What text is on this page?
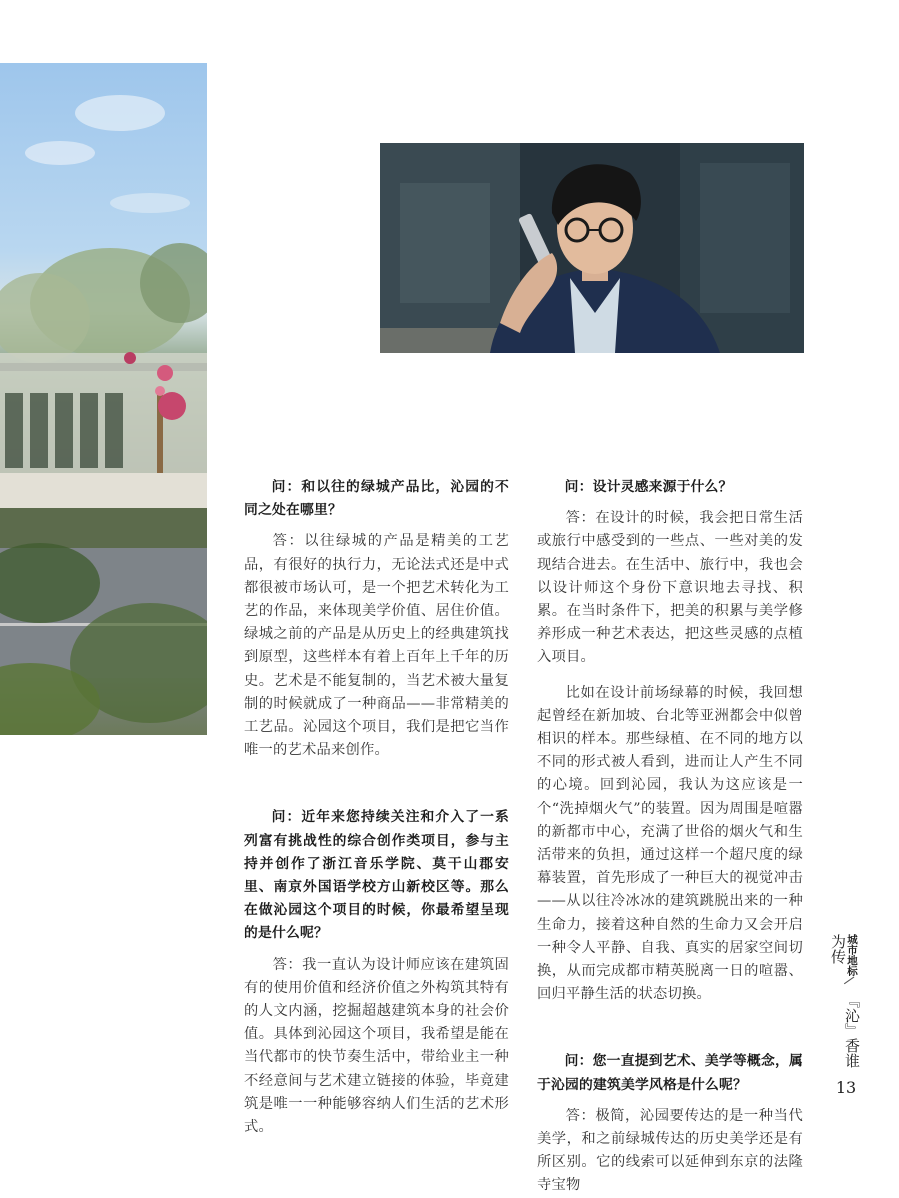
问：和以往的绿城产品比，沁园的不同之处在哪里？

答：以往绿城的产品是精美的工艺品，有很好的执行力，无论法式还是中式都很被市场认可，是一个把艺术转化为工艺的作品，来体现美学价值、居住价值。绿城之前的产品是从历史上的经典建筑找到原型，这些样本有着上百年上千年的历史。艺术是不能复制的，当艺术被大量复制的时候就成了一种商品——非常精美的工艺品。沁园这个项目，我们是把它当作唯一的艺术品来创作。

问：近年来您持续关注和介入了一系列富有挑战性的综合创作类项目，参与主持并创作了浙江音乐学院、莫干山郡安里、南京外国语学校方山新校区等。那么在做沁园这个项目的时候，你最希望呈现的是什么呢？

答：我一直认为设计师应该在建筑固有的使用价值和经济价值之外构筑其特有的人文内涵，挖掘超越建筑本身的社会价值。具体到沁园这个项目，我希望是能在当代都市的快节奏生活中，带给业主一种不经意间与艺术建立链接的体验，毕竟建筑是唯一一种能够容纳人们生活的艺术形式。

问：设计灵感来源于什么？

答：在设计的时候，我会把日常生活或旅行中感受到的一些点、一些对美的发现结合进去。在生活中、旅行中，我也会以设计师这个身份下意识地去寻找、积累。在当时条件下，把美的积累与美学修养形成一种艺术表达，把这些灵感的点植入项目。

比如在设计前场绿幕的时候，我回想起曾经在新加坡、台北等亚洲都会中似曾相识的样本。那些绿植、在不同的地方以不同的形式被人看到，进而让人产生不同的心境。回到沁园，我认为这应该是一个“洗掉烟火气”的装置。因为周围是喧嚣的新都市中心，充满了世俗的烟火气和生活带来的负担，通过这样一个超尺度的绿幕装置，首先形成了一种巨大的视觉冲击——从以往冷冰冰的建筑跳脱出来的一种生命力，接着这种自然的生命力又会开启一种令人平静、自我、真实的居家空间切换，从而完成都市精英脱离一日的喧嚣、回归平静生活的状态切换。

问：您一直提到艺术、美学等概念，属于沁园的建筑美学风格是什么呢？

答：极简，沁园要传达的是一种当代美学，和之前绿城传达的历史美学还是有所区别。它的线索可以延伸到东京的法隆寺宝物

城市地标『沁』香谁为传
13
